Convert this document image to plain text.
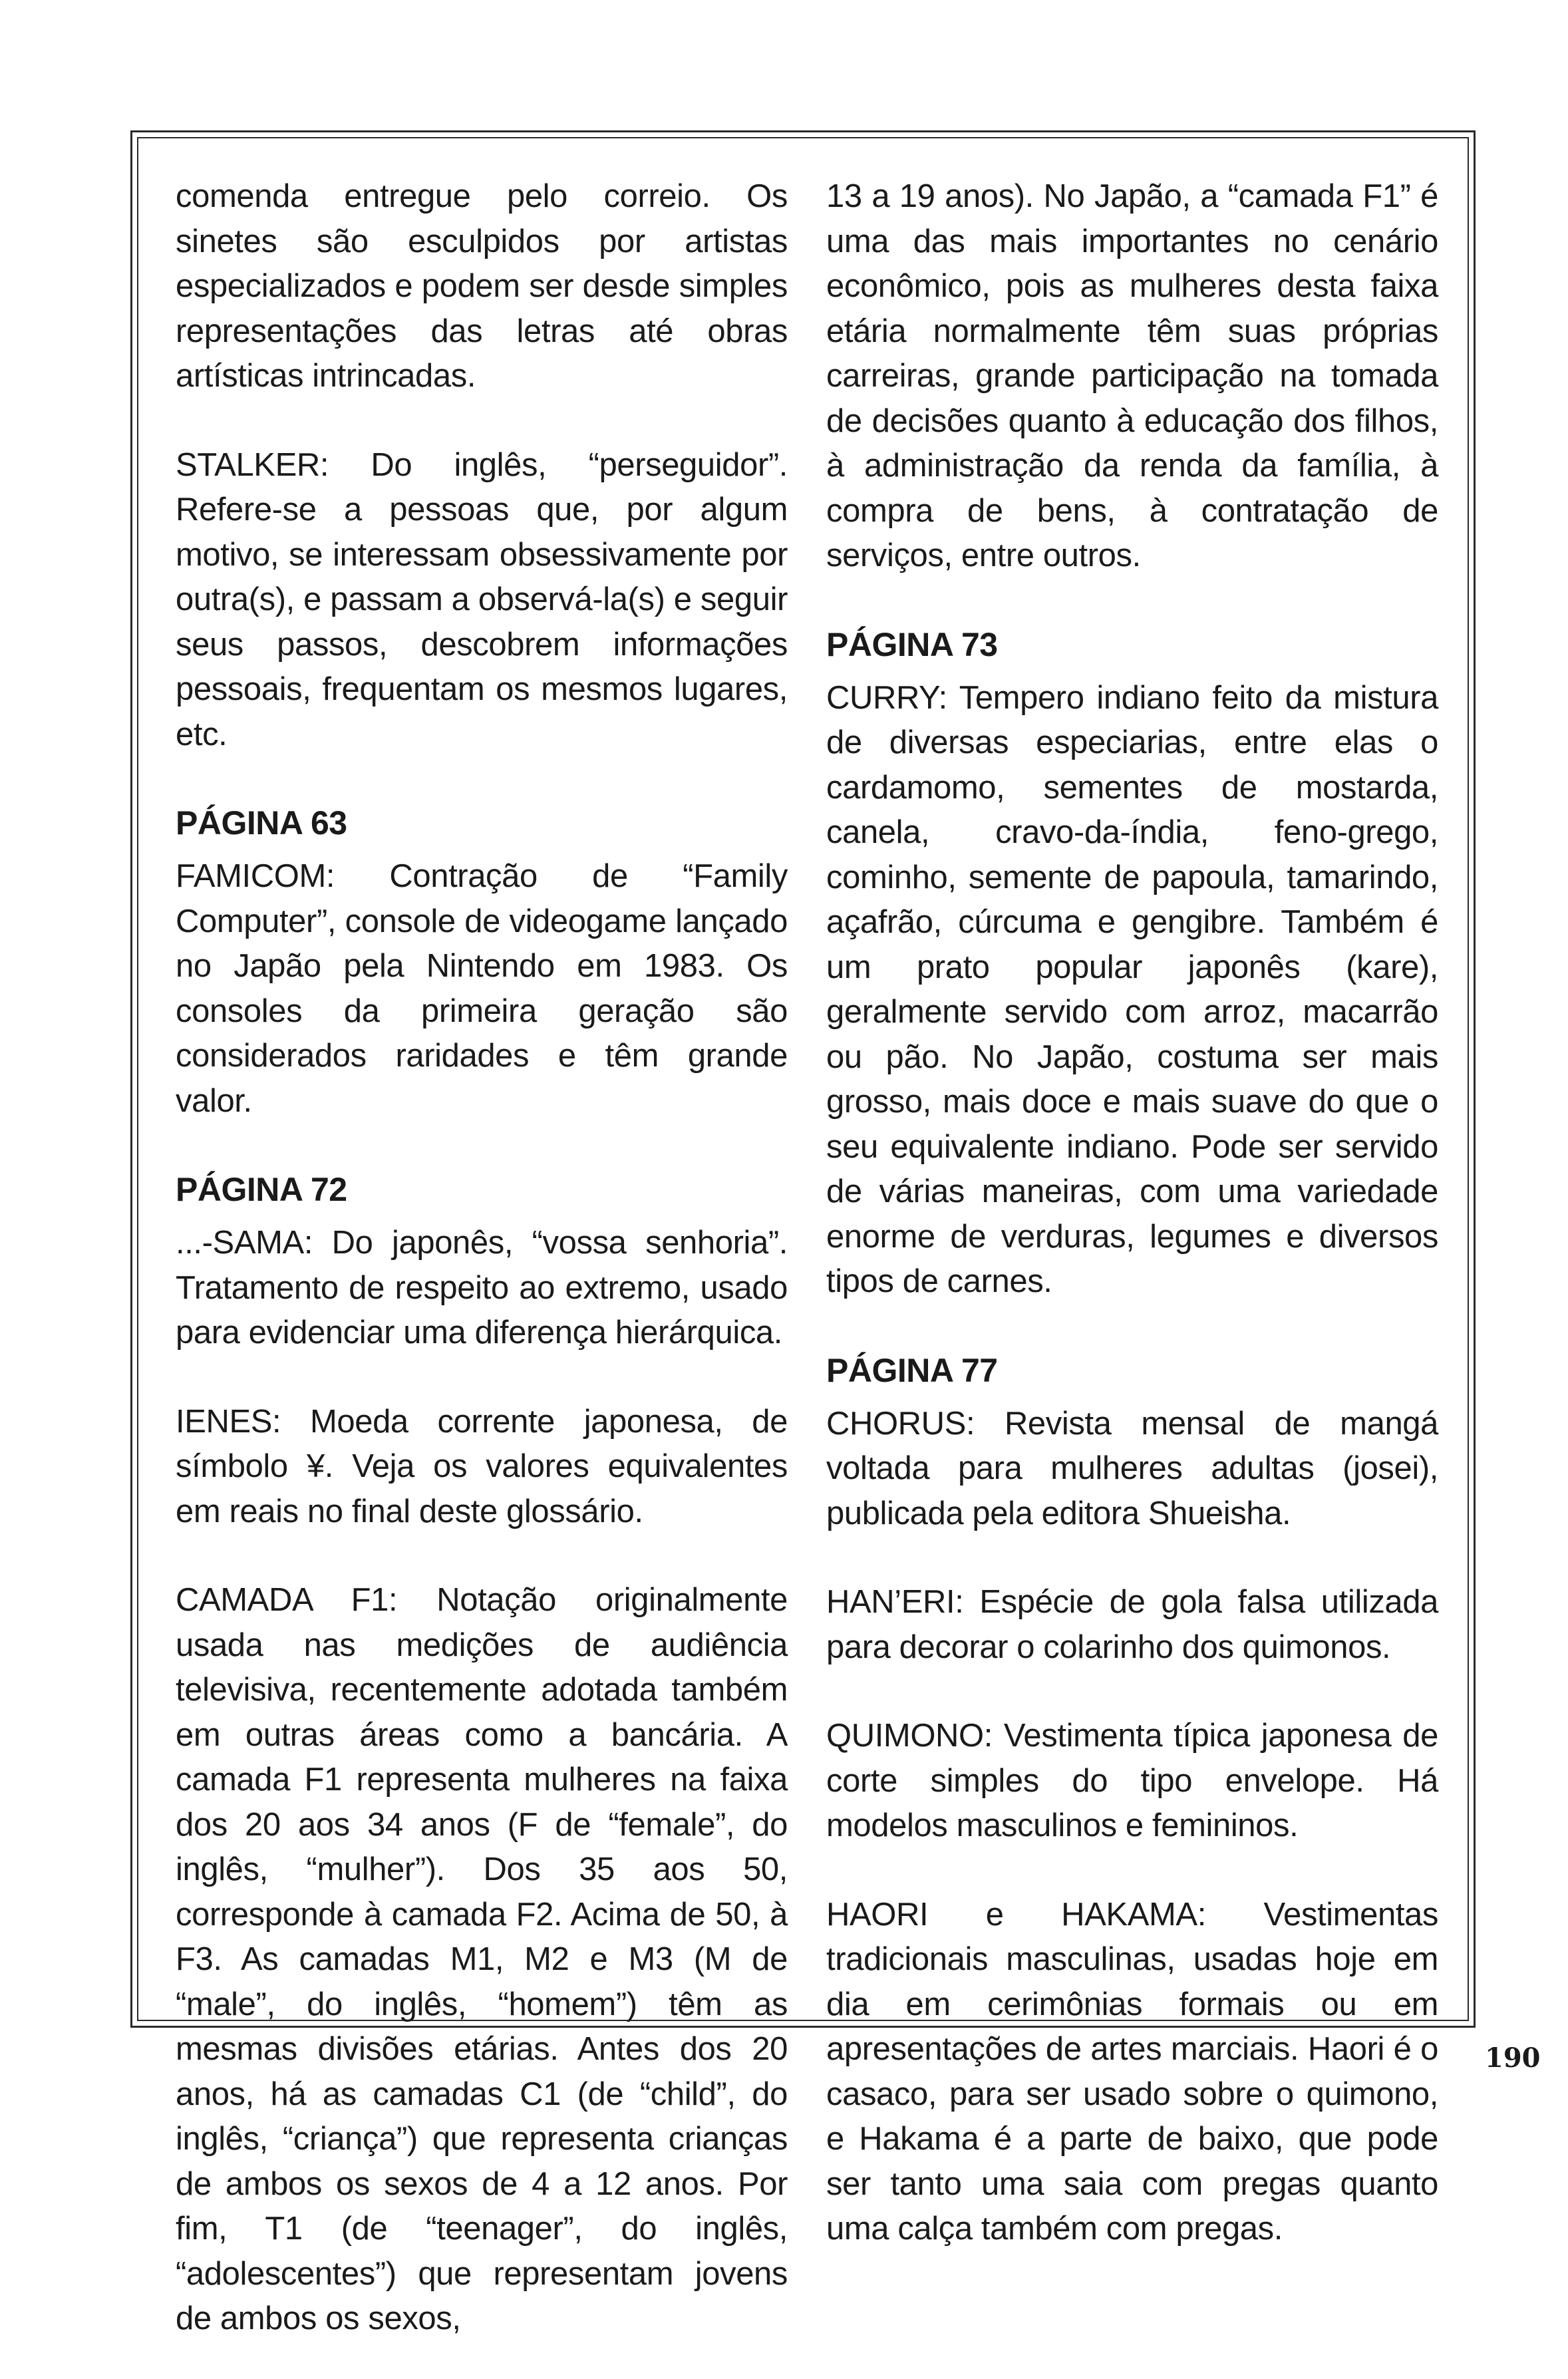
comenda entregue pelo correio. Os sinetes são esculpidos por artistas especializados e podem ser desde simples representações das letras até obras artísticas intrincadas.

STALKER: Do inglês, “perseguidor”. Refere-se a pessoas que, por algum motivo, se interessam obsessivamente por outra(s), e passam a observá-la(s) e seguir seus passos, descobrem informações pessoais, frequentam os mesmos lugares, etc.

PÁGINA 63

FAMICOM: Contração de “Family Computer”, console de videogame lançado no Japão pela Nintendo em 1983. Os consoles da primeira geração são considerados raridades e têm grande valor.

PÁGINA 72

...-SAMA: Do japonês, “vossa senhoria”. Tratamento de respeito ao extremo, usado para evidenciar uma diferença hierárquica.

IENES: Moeda corrente japonesa, de símbolo ¥. Veja os valores equivalentes em reais no final deste glossário.

CAMADA F1: Notação originalmente usada nas medições de audiência televisiva, recentemente adotada também em outras áreas como a bancária. A camada F1 representa mulheres na faixa dos 20 aos 34 anos (F de “female”, do inglês, “mulher”). Dos 35 aos 50, corresponde à camada F2. Acima de 50, à F3. As camadas M1, M2 e M3 (M de “male”, do inglês, “homem”) têm as mesmas divisões etárias. Antes dos 20 anos, há as camadas C1 (de “child”, do inglês, “criança”) que representa crianças de ambos os sexos de 4 a 12 anos. Por fim, T1 (de “teenager”, do inglês, “adolescentes”) que representam jovens de ambos os sexos,

13 a 19 anos). No Japão, a “camada F1” é uma das mais importantes no cenário econômico, pois as mulheres desta faixa etária normalmente têm suas próprias carreiras, grande participação na tomada de decisões quanto à educação dos filhos, à administração da renda da família, à compra de bens, à contratação de serviços, entre outros.

PÁGINA 73

CURRY: Tempero indiano feito da mistura de diversas especiarias, entre elas o cardamomo, sementes de mostarda, canela, cravo-da-índia, feno-grego, cominho, semente de papoula, tamarindo, açafrão, cúrcuma e gengibre. Também é um prato popular japonês (kare), geralmente servido com arroz, macarrão ou pão. No Japão, costuma ser mais grosso, mais doce e mais suave do que o seu equivalente indiano. Pode ser servido de várias maneiras, com uma variedade enorme de verduras, legumes e diversos tipos de carnes.

PÁGINA 77

CHORUS: Revista mensal de mangá voltada para mulheres adultas (josei), publicada pela editora Shueisha.

HAN’ERI: Espécie de gola falsa utilizada para decorar o colarinho dos quimonos.

QUIMONO: Vestimenta típica japonesa de corte simples do tipo envelope. Há modelos masculinos e femininos.

HAORI e HAKAMA: Vestimentas tradicionais masculinas, usadas hoje em dia em cerimônias formais ou em apresentações de artes marciais. Haori é o casaco, para ser usado sobre o quimono, e Hakama é a parte de baixo, que pode ser tanto uma saia com pregas quanto uma calça também com pregas.

190
